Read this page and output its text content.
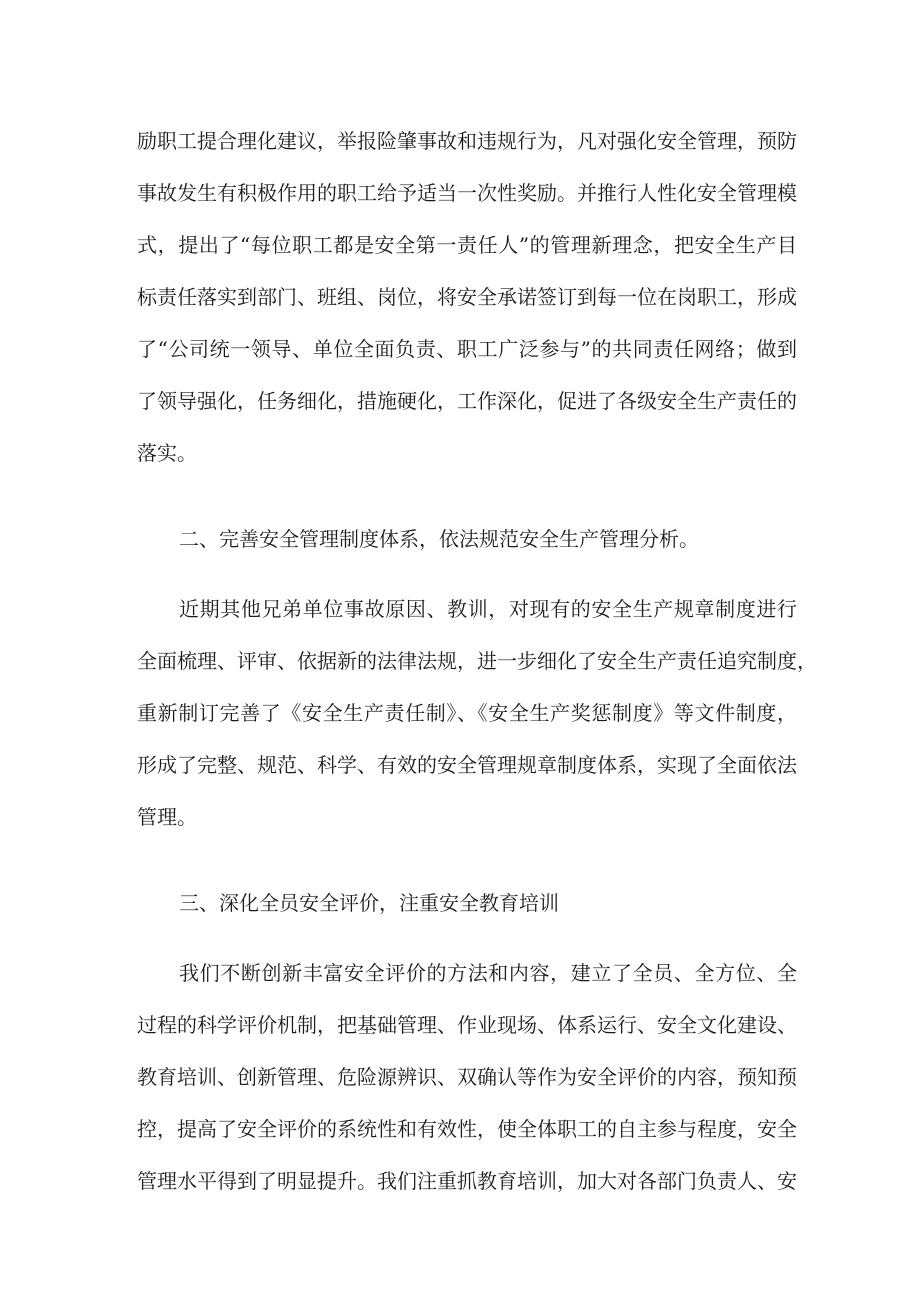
励职工提合理化建议，举报险肇事故和违规行为，凡对强化安全管理，预防

事故发生有积极作用的职工给予适当一次性奖励。并推行人性化安全管理模

式，提出了“每位职工都是安全第一责任人”的管理新理念，把安全生产目

标责任落实到部门、班组、岗位，将安全承诺签订到每一位在岗职工，形成

了“公司统一领导、单位全面负责、职工广泛参与”的共同责任网络；做到

了领导强化，任务细化，措施硬化，工作深化，促进了各级安全生产责任的

落实。

二、完善安全管理制度体系，依法规范安全生产管理分析。

近期其他兄弟单位事故原因、教训，对现有的安全生产规章制度进行

全面梳理、评审、依据新的法律法规，进一步细化了安全生产责任追究制度，

重新制订完善了《安全生产责任制》、《安全生产奖惩制度》等文件制度，

形成了完整、规范、科学、有效的安全管理规章制度体系，实现了全面依法

管理。

三、深化全员安全评价，注重安全教育培训

我们不断创新丰富安全评价的方法和内容，建立了全员、全方位、全

过程的科学评价机制，把基础管理、作业现场、体系运行、安全文化建设、

教育培训、创新管理、危险源辨识、双确认等作为安全评价的内容，预知预

控，提高了安全评价的系统性和有效性，使全体职工的自主参与程度，安全

管理水平得到了明显提升。我们注重抓教育培训，加大对各部门负责人、安
